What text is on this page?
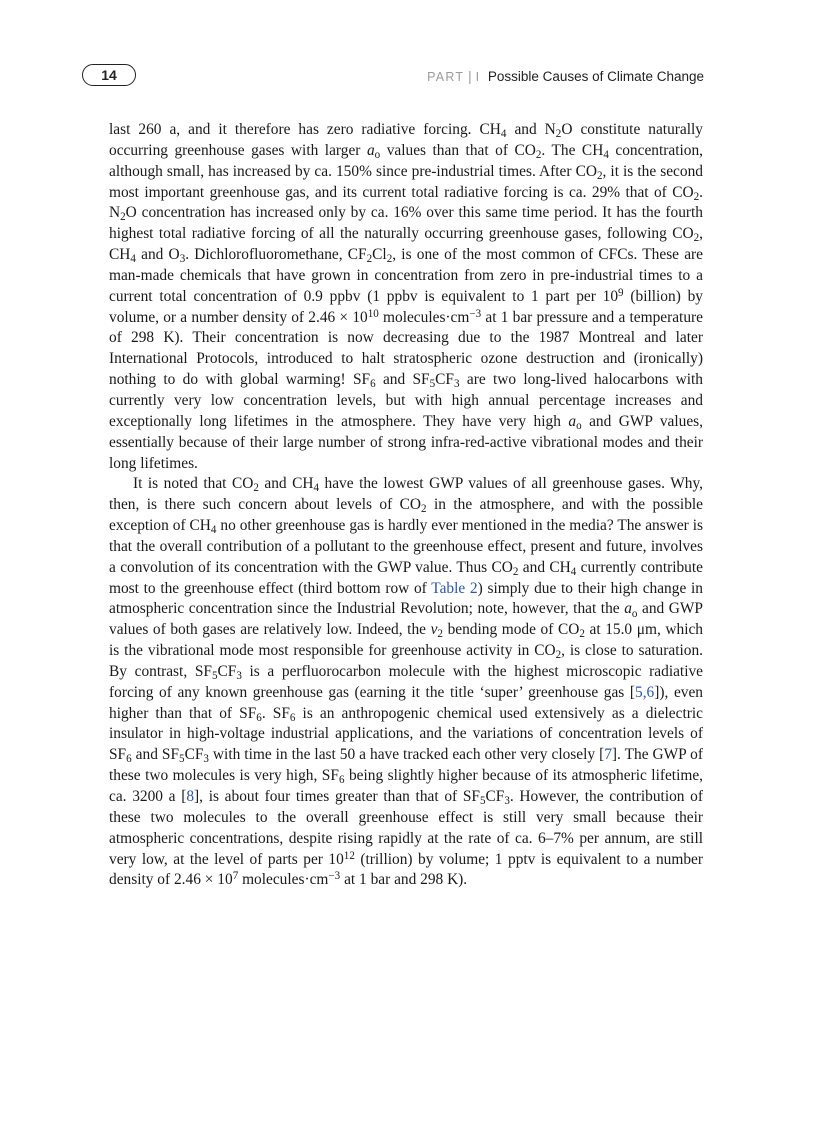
14	PART | I Possible Causes of Climate Change

last 260 a, and it therefore has zero radiative forcing. $CH_4$ and $N_2O$ constitute naturally occurring greenhouse gases with larger $a_o$ values than that of $CO_2$. The $CH_4$ concentration, although small, has increased by ca. 150% since pre-industrial times. After $CO_2$, it is the second most important greenhouse gas, and its current total radiative forcing is ca. 29% that of $CO_2$. $N_2O$ concentration has increased only by ca. 16% over this same time period. It has the fourth highest total radiative forcing of all the naturally occurring greenhouse gases, following $CO_2$, $CH_4$ and $O_3$. Dichlorofluoromethane, $CF_2Cl_2$, is one of the most common of CFCs. These are man-made chemicals that have grown in concentration from zero in pre-industrial times to a current total concentration of 0.9 ppbv (1 ppbv is equivalent to 1 part per $10^9$ (billion) by volume, or a number density of $2.46 \times 10^{10}$ $molecules\cdot cm^{-3}$ at 1 bar pressure and a temperature of 298 K). Their concentration is now decreasing due to the 1987 Montreal and later International Protocols, introduced to halt stratospheric ozone destruction and (ironically) nothing to do with global warming! $SF_6$ and $SF_5CF_3$ are two long-lived halocarbons with currently very low concentration levels, but with high annual percentage increases and exceptionally long lifetimes in the atmosphere. They have very high $a_o$ and GWP values, essentially because of their large number of strong infra-red-active vibrational modes and their long lifetimes.

It is noted that $CO_2$ and $CH_4$ have the lowest GWP values of all greenhouse gases. Why, then, is there such concern about levels of $CO_2$ in the atmosphere, and with the possible exception of $CH_4$ no other greenhouse gas is hardly ever mentioned in the media? The answer is that the overall contribution of a pollutant to the greenhouse effect, present and future, involves a convolution of its concentration with the GWP value. Thus $CO_2$ and $CH_4$ currently contribute most to the greenhouse effect (third bottom row of Table 2) simply due to their high change in atmospheric concentration since the Industrial Revolution; note, however, that the $a_o$ and GWP values of both gases are relatively low. Indeed, the $v_2$ bending mode of $CO_2$ at 15.0 μm, which is the vibrational mode most responsible for greenhouse activity in $CO_2$, is close to saturation. By contrast, $SF_5CF_3$ is a perfluorocarbon molecule with the highest microscopic radiative forcing of any known greenhouse gas (earning it the title ‘super’ greenhouse gas [5,6]), even higher than that of $SF_6$. $SF_6$ is an anthropogenic chemical used extensively as a dielectric insulator in high-voltage industrial applications, and the variations of concentration levels of $SF_6$ and $SF_5CF_3$ with time in the last 50 a have tracked each other very closely [7]. The GWP of these two molecules is very high, $SF_6$ being slightly higher because of its atmospheric lifetime, ca. 3200 a [8], is about four times greater than that of $SF_5CF_3$. However, the contribution of these two molecules to the overall greenhouse effect is still very small because their atmospheric concentrations, despite rising rapidly at the rate of ca. 6–7% per annum, are still very low, at the level of parts per $10^{12}$ (trillion) by volume; 1 pptv is equivalent to a number density of $2.46 \times 10^7$ $molecules\cdot cm^{-3}$ at 1 bar and 298 K).
